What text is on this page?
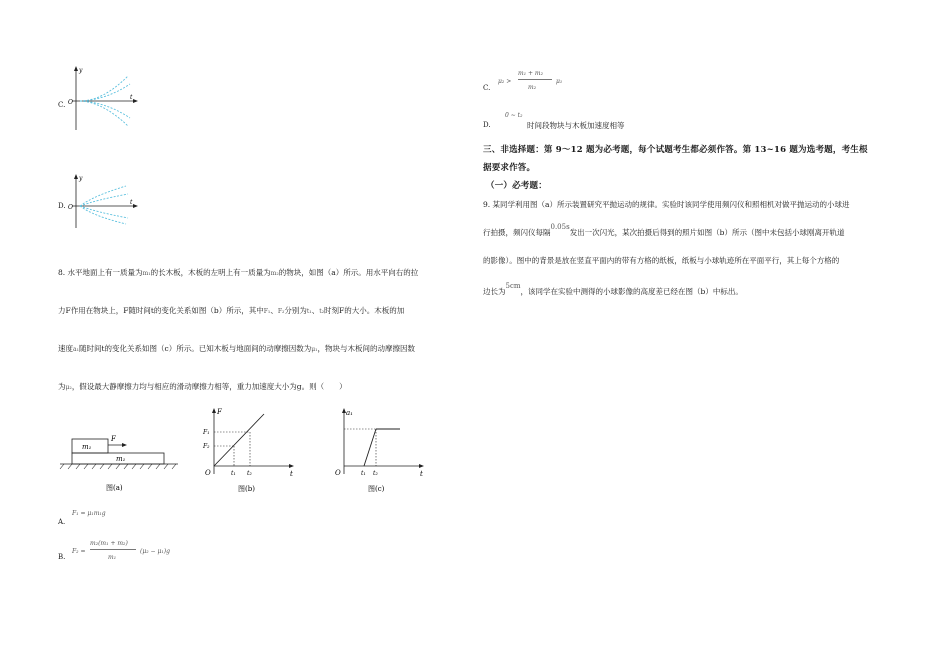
C.
y
O
t
D.
y
O
t
8. 水平地面上有一质量为m₁的长木板，木板的左明上有一质量为m₂的物块，如图（a）所示。用水平向右的拉
力F作用在物块上，F随时间t的变化关系如图（b）所示，其中F₁、F₂分别为t₁、t₂时刻F的大小。木板的加
速度a₁随时间t的变化关系如图（c）所示。已知木板与地面间的动摩擦因数为μ₁，物块与木板间的动摩擦因数
为μ₂，假设最大静摩擦力均与相应的滑动摩擦力相等，重力加速度大小为g。则（　　）
m₁
m₁
F
图(a)
F
F₁
F₂
t₁ t₂
O	t
图(b)
a₁
t₁ t₂
O	t
图(c)
A.
F₁ = μ₁m₁g
B.
F₂ =
m₂(m₁ + m₂)
m₁
(μ₂ − μ₁)g
C.
μ₂ >
m₁ + m₂
m₂
μ₁
D.
0 ~ t₂
时间段物块与木板加速度相等
三、非选择题：第 9～12 题为必考题，每个试题考生都必须作答。第 13~16 题为选考题，考生根
据要求作答。
（一）必考题：
9. 某同学利用图（a）所示装置研究平抛运动的规律。实验时该同学使用频闪仪和照相机对做平抛运动的小球进
行拍摄，频闪仪每隔0.05s发出一次闪光，某次拍摄后得到的照片如图（b）所示（图中未包括小球刚离开轨道
的影像）。图中的背景是放在竖直平面内的带有方格的纸板，纸板与小球轨迹所在平面平行，其上每个方格的
边长为5cm，该同学在实验中测得的小球影像的高度差已经在图（b）中标出。
